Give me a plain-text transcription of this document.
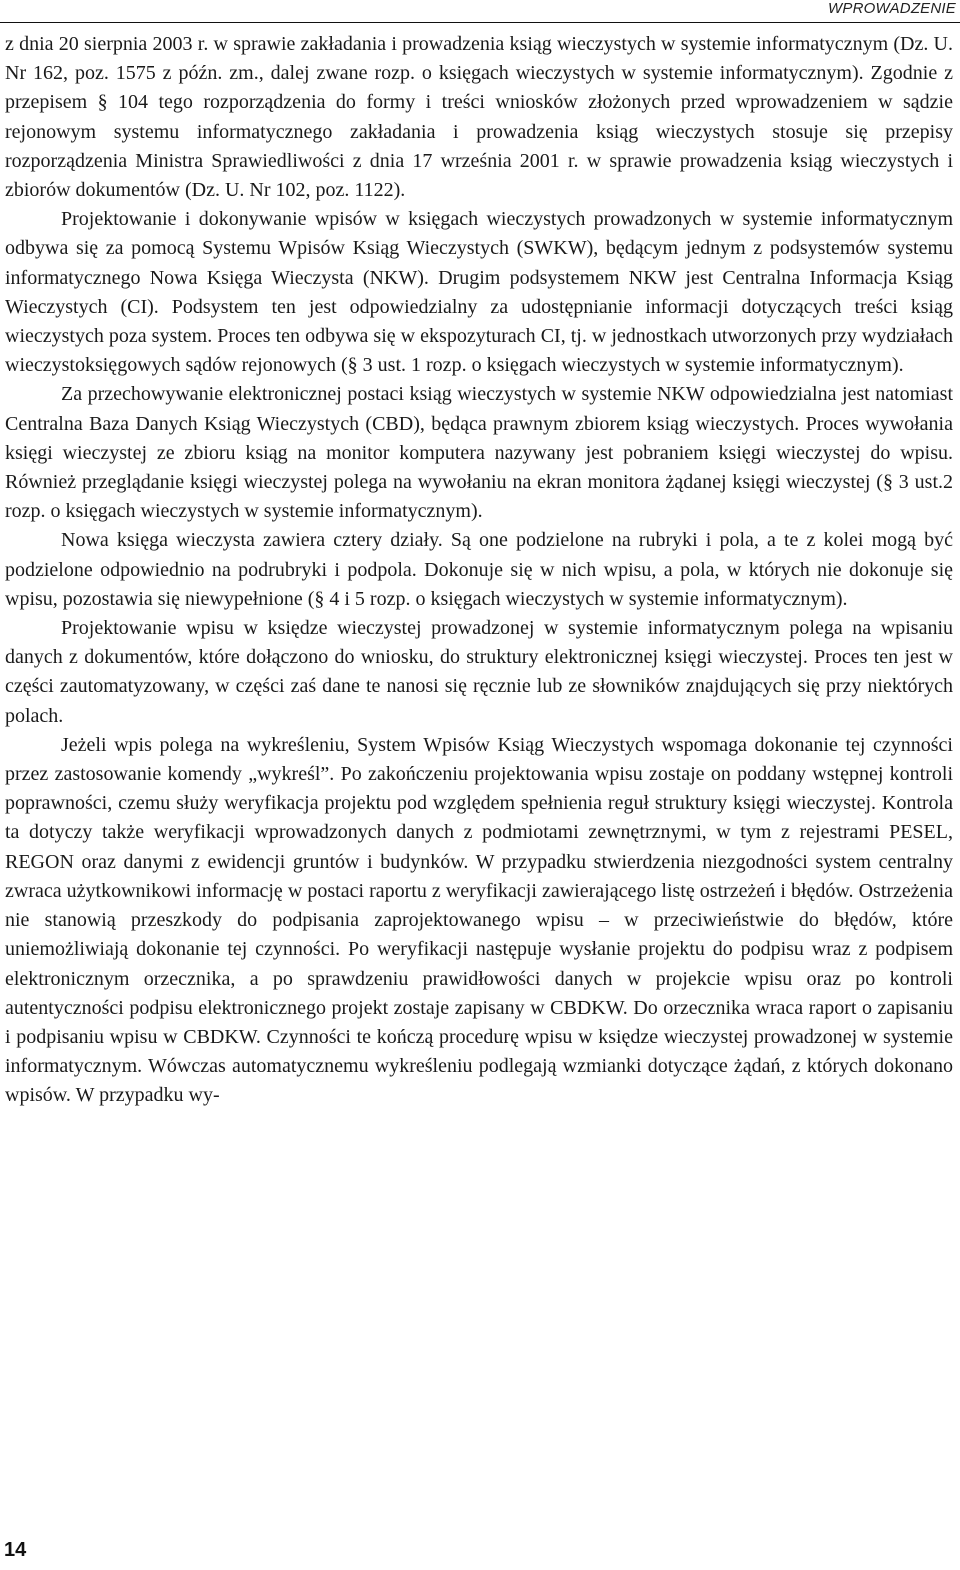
WPROWADZENIE

z dnia 20 sierpnia 2003 r. w sprawie zakładania i prowadzenia ksiąg wieczystych w systemie informatycznym (Dz. U. Nr 162, poz. 1575 z późn. zm., dalej zwane rozp. o księgach wieczystych w systemie informatycznym). Zgodnie z przepisem § 104 tego rozporządzenia do formy i treści wniosków złożonych przed wprowadzeniem w sądzie rejonowym systemu informatycznego zakładania i prowadzenia ksiąg wieczystych stosuje się przepisy rozporządzenia Ministra Sprawiedliwości z dnia 17 września 2001 r. w sprawie prowadzenia ksiąg wieczystych i zbiorów dokumentów (Dz. U. Nr 102, poz. 1122).

Projektowanie i dokonywanie wpisów w księgach wieczystych prowadzonych w systemie informatycznym odbywa się za pomocą Systemu Wpisów Ksiąg Wieczystych (SWKW), będącym jednym z podsystemów systemu informatycznego Nowa Księga Wieczysta (NKW). Drugim podsystemem NKW jest Centralna Informacja Ksiąg Wieczystych (CI). Podsystem ten jest odpowiedzialny za udostępnianie informacji dotyczących treści ksiąg wieczystych poza system. Proces ten odbywa się w ekspozyturach CI, tj. w jednostkach utworzonych przy wydziałach wieczystoksięgowych sądów rejonowych (§ 3 ust. 1 rozp. o księgach wieczystych w systemie informatycznym).

Za przechowywanie elektronicznej postaci ksiąg wieczystych w systemie NKW odpowiedzialna jest natomiast Centralna Baza Danych Ksiąg Wieczystych (CBD), będąca prawnym zbiorem ksiąg wieczystych. Proces wywołania księgi wieczystej ze zbioru ksiąg na monitor komputera nazywany jest pobraniem księgi wieczystej do wpisu. Również przeglądanie księgi wieczystej polega na wywołaniu na ekran monitora żądanej księgi wieczystej (§ 3 ust.2 rozp. o księgach wieczystych w systemie informatycznym).

Nowa księga wieczysta zawiera cztery działy. Są one podzielone na rubryki i pola, a te z kolei mogą być podzielone odpowiednio na podrubryki i podpola. Dokonuje się w nich wpisu, a pola, w których nie dokonuje się wpisu, pozostawia się niewypełnione (§ 4 i 5 rozp. o księgach wieczystych w systemie informatycznym).

Projektowanie wpisu w księdze wieczystej prowadzonej w systemie informatycznym polega na wpisaniu danych z dokumentów, które dołączono do wniosku, do struktury elektronicznej księgi wieczystej. Proces ten jest w części zautomatyzowany, w części zaś dane te nanosi się ręcznie lub ze słowników znajdujących się przy niektórych polach.

Jeżeli wpis polega na wykreśleniu, System Wpisów Ksiąg Wieczystych wspomaga dokonanie tej czynności przez zastosowanie komendy „wykreśl”. Po zakończeniu projektowania wpisu zostaje on poddany wstępnej kontroli poprawności, czemu służy weryfikacja projektu pod względem spełnienia reguł struktury księgi wieczystej. Kontrola ta dotyczy także weryfikacji wprowadzonych danych z podmiotami zewnętrznymi, w tym z rejestrami PESEL, REGON oraz danymi z ewidencji gruntów i budynków. W przypadku stwierdzenia niezgodności system centralny zwraca użytkownikowi informację w postaci raportu z weryfikacji zawierającego listę ostrzeżeń i błędów. Ostrzeżenia nie stanowią przeszkody do podpisania zaprojektowanego wpisu – w przeciwieństwie do błędów, które uniemożliwiają dokonanie tej czynności. Po weryfikacji następuje wysłanie projektu do podpisu wraz z podpisem elektronicznym orzecznika, a po sprawdzeniu prawidłowości danych w projekcie wpisu oraz po kontroli autentyczności podpisu elektronicznego projekt zostaje zapisany w CBDKW. Do orzecznika wraca raport o zapisaniu i podpisaniu wpisu w CBDKW. Czynności te kończą procedurę wpisu w księdze wieczystej prowadzonej w systemie informatycznym. Wówczas automatycznemu wykreśleniu podlegają wzmianki dotyczące żądań, z których dokonano wpisów. W przypadku wy-

14
